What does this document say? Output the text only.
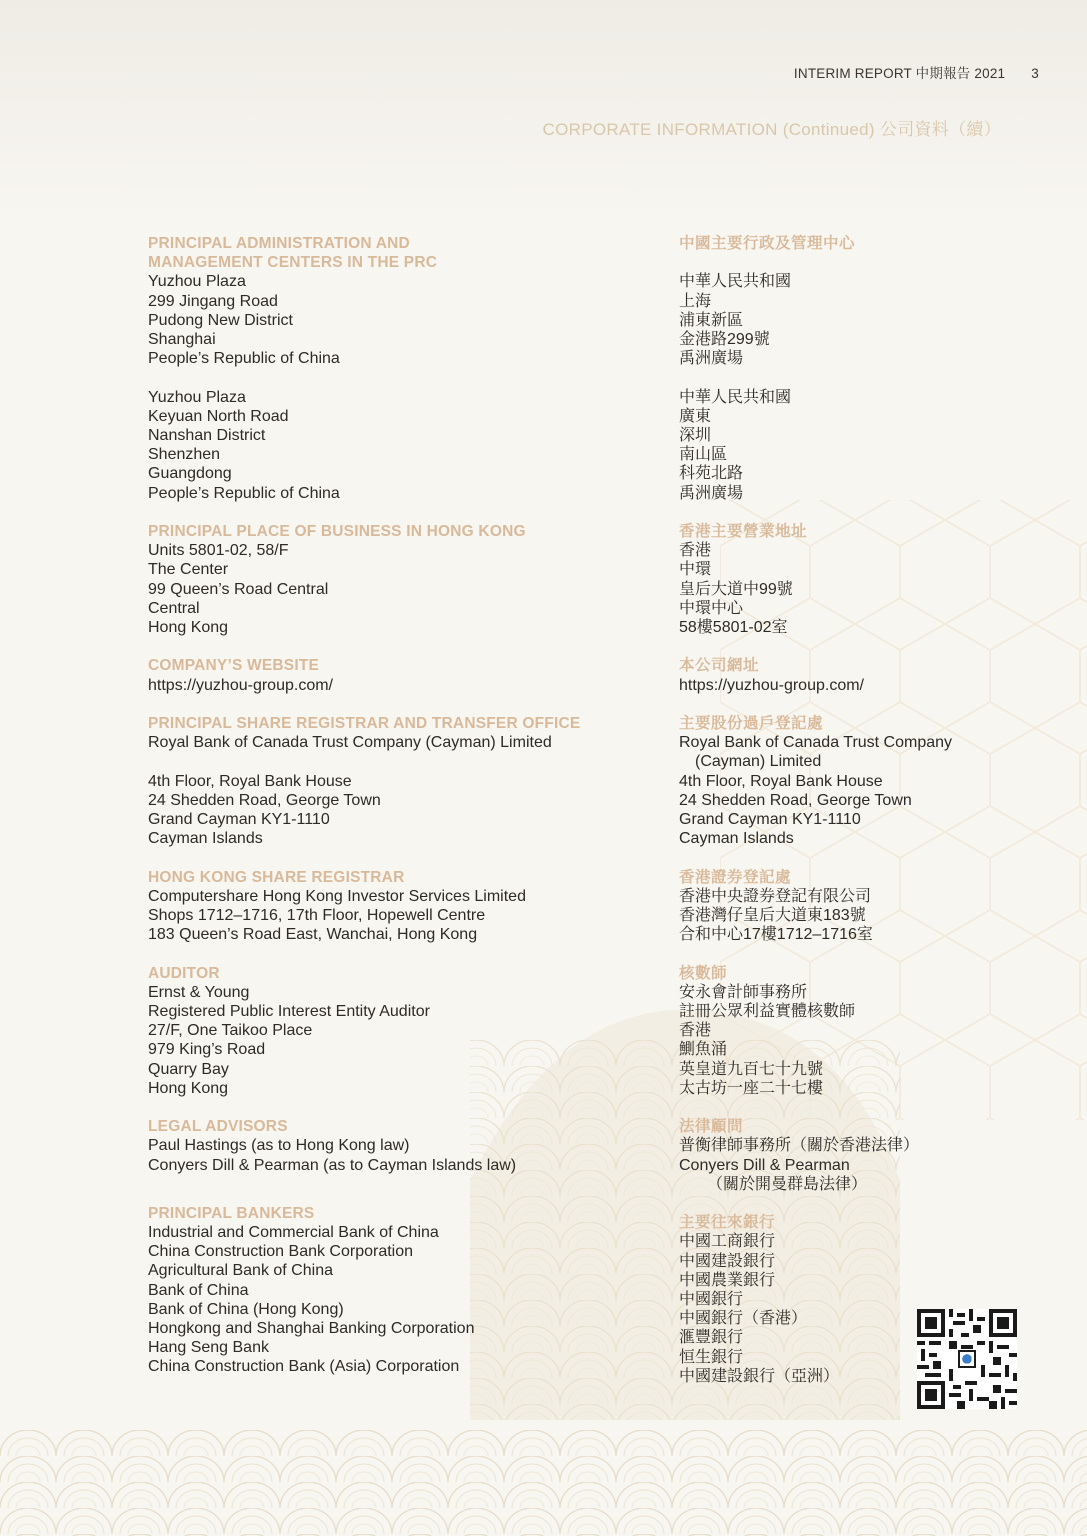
INTERIM REPORT 中期報告 2021 3
CORPORATE INFORMATION (Continued) 公司資料（續）
PRINCIPAL ADMINISTRATION AND
MANAGEMENT CENTERS IN THE PRC
Yuzhou Plaza
299 Jingang Road
Pudong New District
Shanghai
People’s Republic of China
Yuzhou Plaza
Keyuan North Road
Nanshan District
Shenzhen
Guangdong
People’s Republic of China
PRINCIPAL PLACE OF BUSINESS IN HONG KONG
Units 5801-02, 58/F
The Center
99 Queen’s Road Central
Central
Hong Kong
COMPANY’S WEBSITE
https://yuzhou-group.com/
PRINCIPAL SHARE REGISTRAR AND TRANSFER OFFICE
Royal Bank of Canada Trust Company (Cayman) Limited
4th Floor, Royal Bank House
24 Shedden Road, George Town
Grand Cayman KY1-1110
Cayman Islands
HONG KONG SHARE REGISTRAR
Computershare Hong Kong Investor Services Limited
Shops 1712–1716, 17th Floor, Hopewell Centre
183 Queen’s Road East, Wanchai, Hong Kong
AUDITOR
Ernst & Young
Registered Public Interest Entity Auditor
27/F, One Taikoo Place
979 King’s Road
Quarry Bay
Hong Kong
LEGAL ADVISORS
Paul Hastings (as to Hong Kong law)
Conyers Dill & Pearman (as to Cayman Islands law)
PRINCIPAL BANKERS
Industrial and Commercial Bank of China
China Construction Bank Corporation
Agricultural Bank of China
Bank of China
Bank of China (Hong Kong)
Hongkong and Shanghai Banking Corporation
Hang Seng Bank
China Construction Bank (Asia) Corporation
中國主要行政及管理中心
中華人民共和國
上海
浦東新區
金港路299號
禹洲廣場
中華人民共和國
廣東
深圳
南山區
科苑北路
禹洲廣場
香港主要營業地址
香港
中環
皇后大道中99號
中環中心
58樓5801-02室
本公司網址
https://yuzhou-group.com/
主要股份過戶登記處
Royal Bank of Canada Trust Company
(Cayman) Limited
4th Floor, Royal Bank House
24 Shedden Road, George Town
Grand Cayman KY1-1110
Cayman Islands
香港證券登記處
香港中央證券登記有限公司
香港灣仔皇后大道東183號
合和中心17樓1712–1716室
核數師
安永會計師事務所
註冊公眾利益實體核數師
香港
鰂魚涌
英皇道九百七十九號
太古坊一座二十七樓
法律顧問
普衡律師事務所（關於香港法律）
Conyers Dill & Pearman
（關於開曼群島法律）
主要往來銀行
中國工商銀行
中國建設銀行
中國農業銀行
中國銀行
中國銀行（香港）
滙豐銀行
恒生銀行
中國建設銀行（亞洲）
